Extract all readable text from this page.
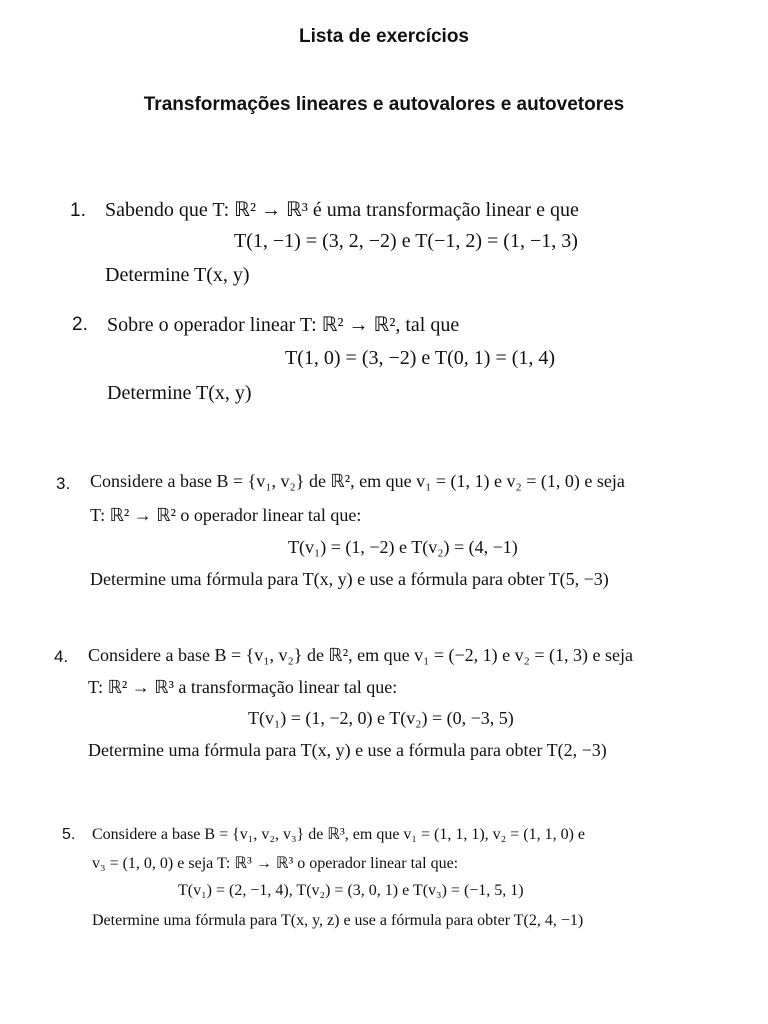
Lista de exercícios
Transformações lineares e autovalores e autovetores
1. Sabendo que T: ℝ² → ℝ³ é uma transformação linear e que
T(1, −1) = (3, 2, −2) e T(−1, 2) = (1, −1, 3)
Determine T(x, y)
2. Sobre o operador linear T: ℝ² → ℝ², tal que
T(1, 0) = (3, −2) e T(0, 1) = (1, 4)
Determine T(x, y)
3. Considere a base B = {v₁, v₂} de ℝ², em que v₁ = (1, 1) e v₂ = (1, 0) e seja
T: ℝ² → ℝ² o operador linear tal que:
T(v₁) = (1, −2) e T(v₂) = (4, −1)
Determine uma fórmula para T(x, y) e use a fórmula para obter T(5, −3)
4. Considere a base B = {v₁, v₂} de ℝ², em que v₁ = (−2, 1) e v₂ = (1, 3) e seja
T: ℝ² → ℝ³ a transformação linear tal que:
T(v₁) = (1, −2, 0) e T(v₂) = (0, −3, 5)
Determine uma fórmula para T(x, y) e use a fórmula para obter T(2, −3)
5. Considere a base B = {v₁, v₂, v₃} de ℝ³, em que v₁ = (1, 1, 1), v₂ = (1, 1, 0) e
v₃ = (1, 0, 0) e seja T: ℝ³ → ℝ³ o operador linear tal que:
T(v₁) = (2, −1, 4), T(v₂) = (3, 0, 1) e T(v₃) = (−1, 5, 1)
Determine uma fórmula para T(x, y, z) e use a fórmula para obter T(2, 4, −1)
